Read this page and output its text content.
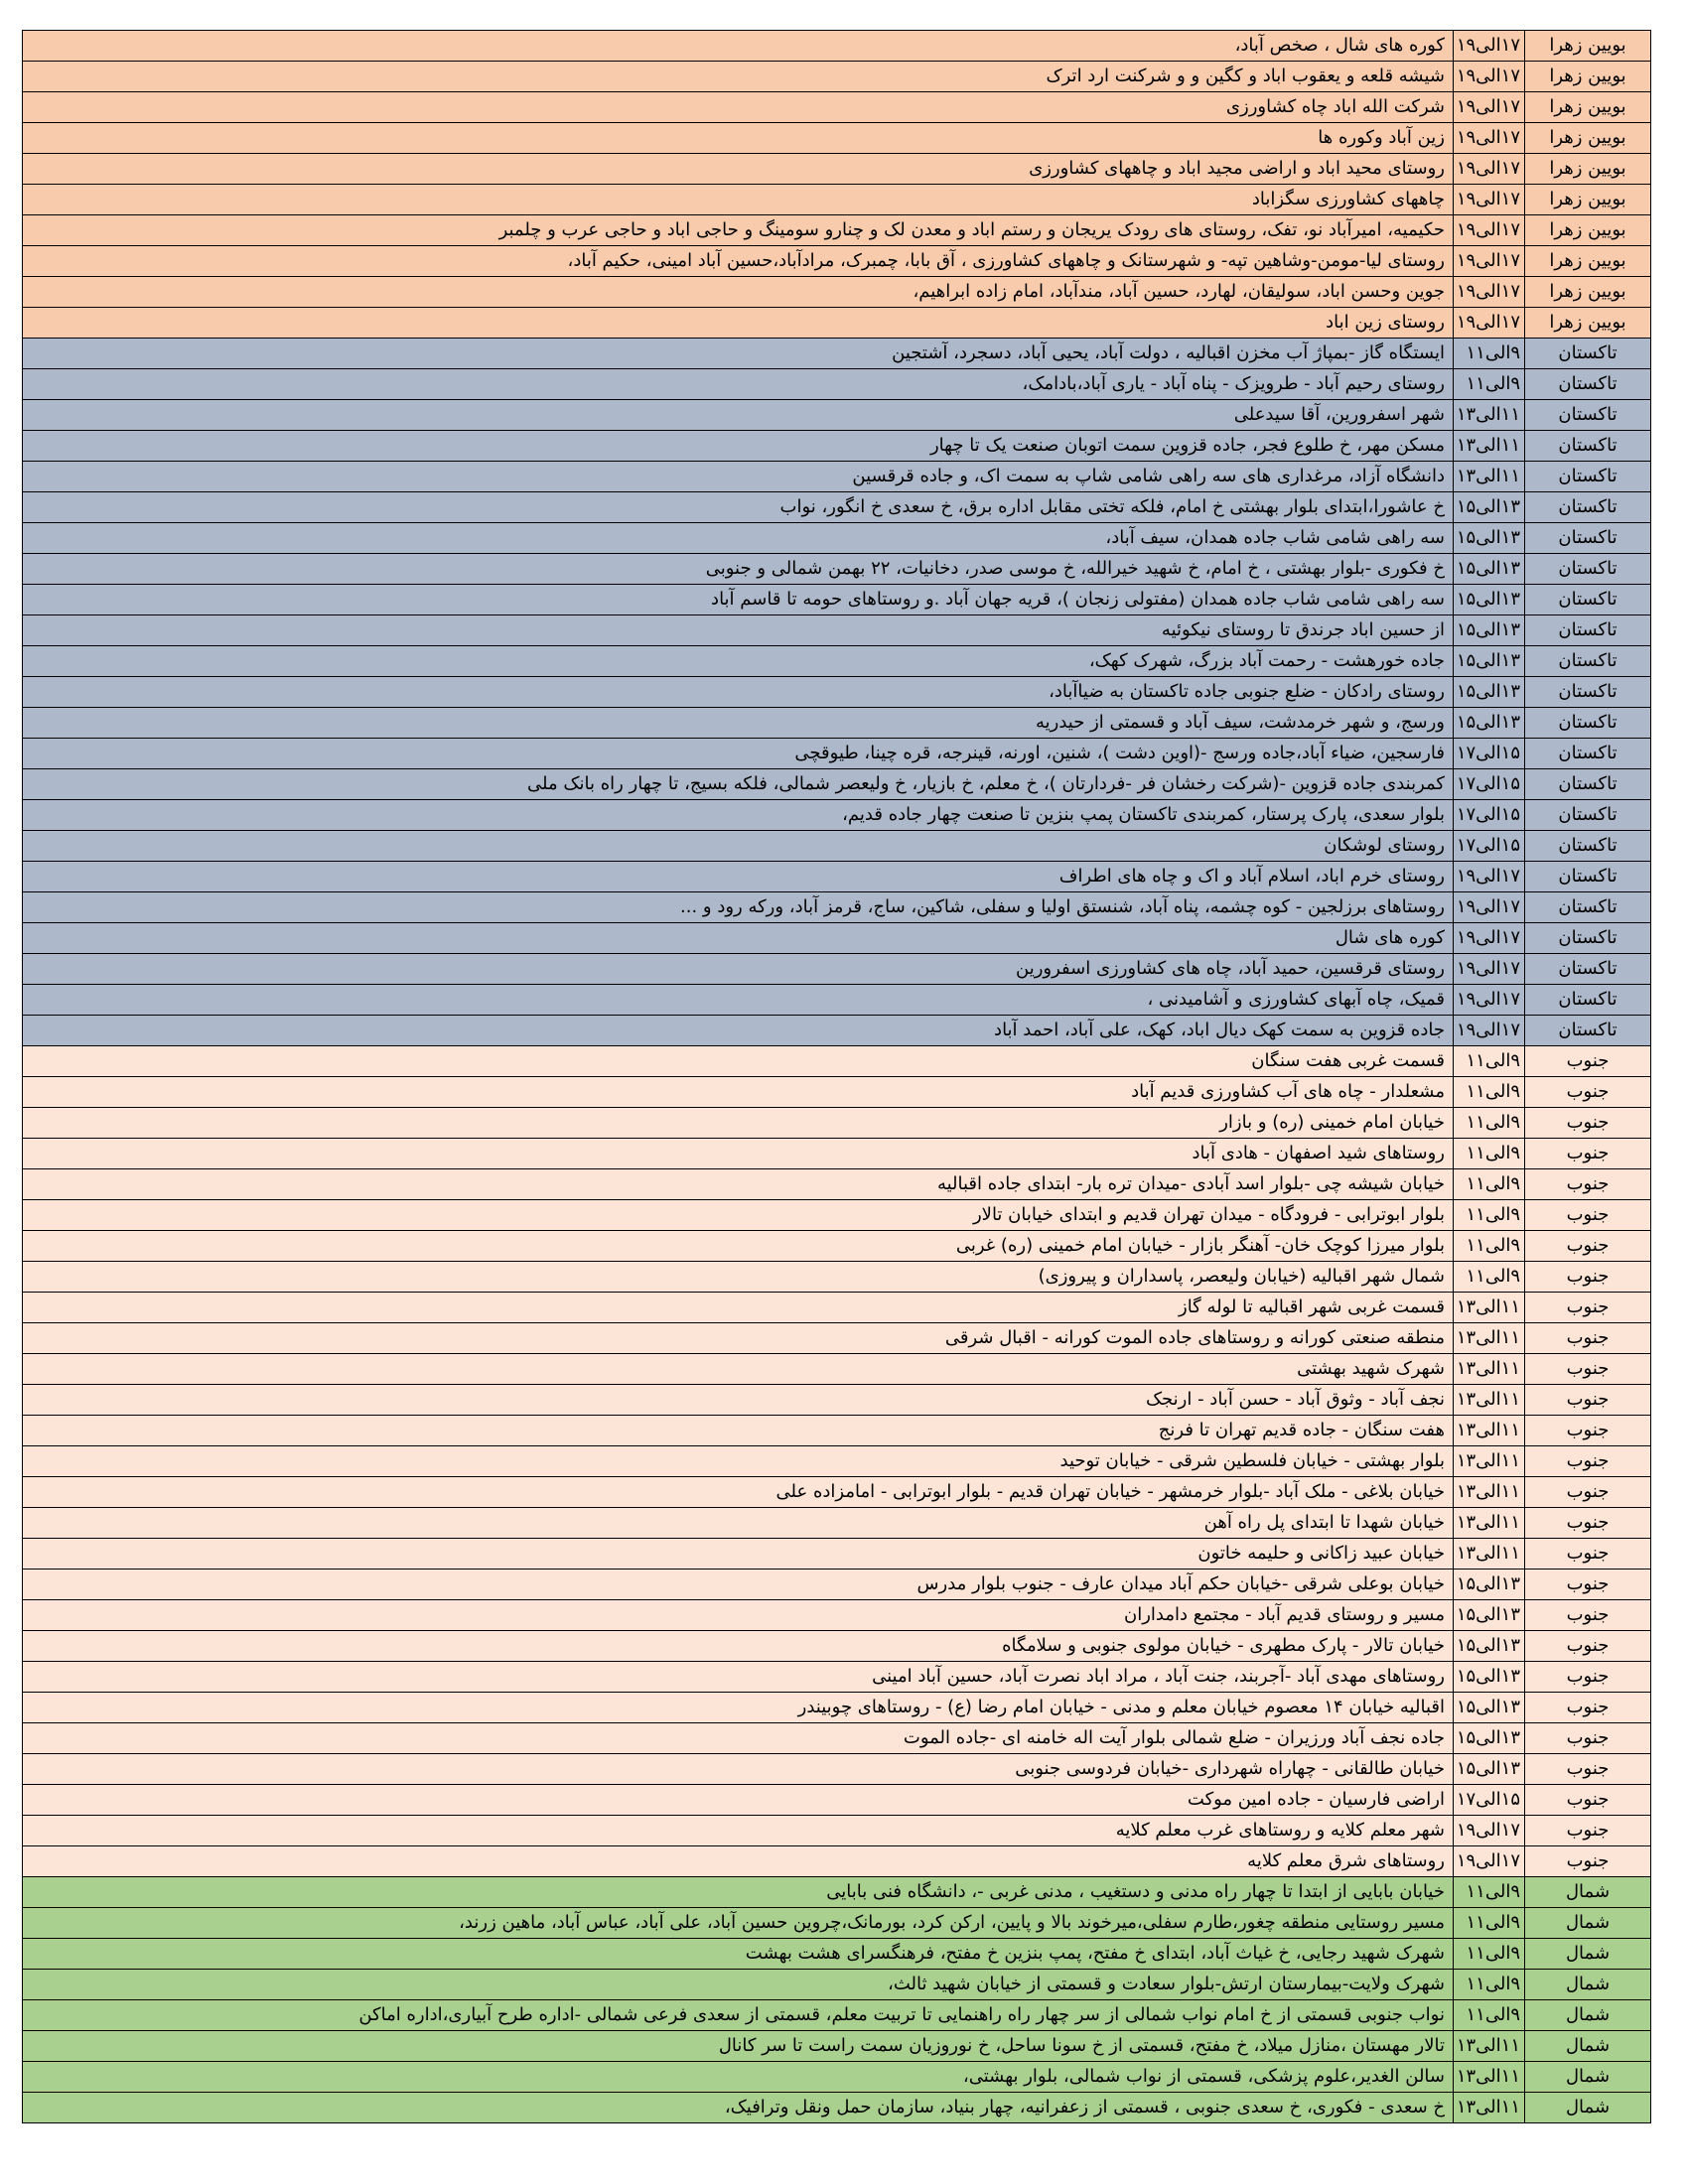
بویین زهرا	۱۷الی۱۹	کوره های شال ، صخص آباد،
بویین زهرا	۱۷الی۱۹	شیشه قلعه و یعقوب اباد و کگین و و شرکنت ارد اترک
بویین زهرا	۱۷الی۱۹	شرکت الله اباد چاه کشاورزی
بویین زهرا	۱۷الی۱۹	زین آباد وکوره ها
بویین زهرا	۱۷الی۱۹	روستای محید اباد و اراضی مجید اباد و چاههای کشاورزی
بویین زهرا	۱۷الی۱۹	چاههای کشاورزی سگزاباد
بویین زهرا	۱۷الی۱۹	حکیمیه، امیرآباد نو، تفک، روستای های رودک یریجان و رستم اباد و معدن لک و چنارو سومینگ و حاجی اباد و حاجی عرب و چلمبر
بویین زهرا	۱۷الی۱۹	روستای لیا-مومن-وشاهین تپه- و شهرستانک و چاههای کشاورزی ، آق بابا، چمبرک، مرادآباد،حسین آباد امینی، حکیم آباد،
بویین زهرا	۱۷الی۱۹	جوین وحسن اباد، سولیقان، لهارد، حسین آباد، مندآباد، امام زاده ابراهیم،
بویین زهرا	۱۷الی۱۹	روستای زین اباد
تاکستان	۹الی۱۱	ایستگاه گاز -بمپاژ آب مخزن اقبالیه ، دولت آباد، یحیی آباد، دسجرد، آشتجین
تاکستان	۹الی۱۱	روستای رحیم آباد - طرویزک - پناه آباد - یاری آباد،بادامک،
تاکستان	۱۱الی۱۳	شهر اسفرورین، آقا سیدعلی
تاکستان	۱۱الی۱۳	مسکن مهر، خ طلوع فجر، جاده قزوین سمت اتوبان صنعت یک تا چهار
تاکستان	۱۱الی۱۳	دانشگاه آزاد، مرغداری های سه راهی شامی شاپ به سمت اک، و جاده قرقسین
تاکستان	۱۳الی۱۵	خ عاشورا،ابتدای بلوار بهشتی خ امام، فلکه تختی مقابل اداره برق، خ سعدی خ انگور، نواب
تاکستان	۱۳الی۱۵	سه راهی شامی شاب جاده همدان، سیف آباد،
تاکستان	۱۳الی۱۵	خ فکوری -بلوار بهشتی ، خ امام، خ شهید خیرالله، خ موسی صدر، دخانیات، ۲۲ بهمن شمالی و جنوبی
تاکستان	۱۳الی۱۵	سه راهی شامی شاب جاده همدان (مفتولی زنجان )، قریه جهان آباد .و روستاهای حومه تا قاسم آباد
تاکستان	۱۳الی۱۵	از حسین اباد جرندق تا روستای نیکوئیه
تاکستان	۱۳الی۱۵	جاده خورهشت - رحمت آباد بزرگ، شهرک کهک،
تاکستان	۱۳الی۱۵	روستای رادکان - ضلع جنوبی جاده تاکستان به ضیاآباد،
تاکستان	۱۳الی۱۵	ورسج، و شهر خرمدشت، سیف آباد و قسمتی از حیدریه
تاکستان	۱۵الی۱۷	فارسجین، ضیاء آباد،جاده ورسج -(اوین دشت )، شنین، اورنه، قینرجه، قره چینا، طیوقچی
تاکستان	۱۵الی۱۷	کمربندی جاده قزوین -(شرکت رخشان فر -فردارتان )، خ معلم، خ بازیار، خ ولیعصر شمالی، فلکه بسیج، تا چهار راه بانک ملی
تاکستان	۱۵الی۱۷	بلوار سعدی، پارک پرستار، کمربندی تاکستان پمپ بنزین تا صنعت چهار جاده قدیم،
تاکستان	۱۵الی۱۷	روستای لوشکان
تاکستان	۱۷الی۱۹	روستای خرم اباد، اسلام آباد و اک و چاه های اطراف
تاکستان	۱۷الی۱۹	روستاهای برزلجین - کوه چشمه، پناه آباد، شنستق اولیا و سفلی، شاکین، ساج، قرمز آباد، ورکه رود و ...
تاکستان	۱۷الی۱۹	کوره های شال
تاکستان	۱۷الی۱۹	روستای قرقسین، حمید آباد، چاه های کشاورزی اسفرورین
تاکستان	۱۷الی۱۹	قمیک، چاه آبهای کشاورزی و آشامیدنی ،
تاکستان	۱۷الی۱۹	جاده قزوین به سمت کهک دیال اباد، کهک، علی آباد، احمد آباد
جنوب	۹الی۱۱	قسمت غربی هفت سنگان
جنوب	۹الی۱۱	مشعلدار - چاه های آب کشاورزی قدیم آباد
جنوب	۹الی۱۱	خیابان امام خمینی (ره) و بازار
جنوب	۹الی۱۱	روستاهای شید اصفهان - هادی آباد
جنوب	۹الی۱۱	خیابان شیشه چی -بلوار اسد آبادی -میدان تره بار- ابتدای جاده اقبالیه
جنوب	۹الی۱۱	بلوار ابوترابی - فرودگاه - میدان تهران قدیم و ابتدای خیابان تالار
جنوب	۹الی۱۱	بلوار میرزا کوچک خان- آهنگر بازار - خیابان امام خمینی (ره) غربی
جنوب	۹الی۱۱	شمال شهر اقبالیه (خیابان ولیعصر، پاسداران و پیروزی)
جنوب	۱۱الی۱۳	قسمت غربی شهر اقبالیه تا لوله گاز
جنوب	۱۱الی۱۳	منطقه صنعتی کورانه و روستاهای جاده الموت کورانه - اقبال شرقی
جنوب	۱۱الی۱۳	شهرک شهید بهشتی
جنوب	۱۱الی۱۳	نجف آباد - وثوق آباد - حسن آباد - ارنجک
جنوب	۱۱الی۱۳	هفت سنگان - جاده قدیم تهران تا فرنج
جنوب	۱۱الی۱۳	بلوار بهشتی - خیابان فلسطین شرقی - خیابان توحید
جنوب	۱۱الی۱۳	خیابان بلاغی - ملک آباد -بلوار خرمشهر - خیابان تهران قدیم - بلوار ابوترابی - امامزاده علی
جنوب	۱۱الی۱۳	خیابان شهدا تا ابتدای پل راه آهن
جنوب	۱۱الی۱۳	خیابان عبید زاکانی و حلیمه خاتون
جنوب	۱۳الی۱۵	خیابان بوعلی شرقی -خیابان حکم آباد میدان عارف - جنوب بلوار مدرس
جنوب	۱۳الی۱۵	مسیر و روستای قدیم آباد - مجتمع دامداران
جنوب	۱۳الی۱۵	خیابان تالار - پارک مطهری - خیابان مولوی جنوبی و سلامگاه
جنوب	۱۳الی۱۵	روستاهای مهدی آباد -آجربند، جنت آباد ، مراد اباد نصرت آباد، حسین آباد امینی
جنوب	۱۳الی۱۵	اقبالیه خیابان ۱۴ معصوم خیابان معلم و مدنی - خیابان امام رضا (ع) - روستاهای چوبیندر
جنوب	۱۳الی۱۵	جاده نجف آباد ورزیران - ضلع شمالی بلوار آیت اله خامنه ای -جاده الموت
جنوب	۱۳الی۱۵	خیابان طالقانی - چهاراه شهرداری -خیابان فردوسی جنوبی
جنوب	۱۵الی۱۷	اراضی فارسیان - جاده امین موکت
جنوب	۱۷الی۱۹	شهر معلم کلایه و روستاهای غرب معلم کلایه
جنوب	۱۷الی۱۹	روستاهای شرق معلم کلایه
شمال	۹الی۱۱	خیابان بابایی از ابتدا تا چهار راه مدنی و دستغیب ، مدنی غربی -، دانشگاه فنی بابایی
شمال	۹الی۱۱	مسیر روستایی منطقه چغور،طارم سفلی،میرخوند بالا و پایین، ارکن کرد، بورمانک،چروین حسین آباد، علی آباد، عباس آباد، ماهین زرند،
شمال	۹الی۱۱	شهرک شهید رجایی، خ غیاث آباد، ابتدای خ مفتح، پمپ بنزین خ مفتح، فرهنگسرای هشت بهشت
شمال	۹الی۱۱	شهرک ولایت-بیمارستان ارتش-بلوار سعادت و قسمتی از خیابان شهید ثالث،
شمال	۹الی۱۱	نواب جنوبی قسمتی از خ امام نواب شمالی از سر چهار راه راهنمایی تا تربیت معلم، قسمتی از سعدی فرعی شمالی -اداره طرح آبیاری،اداره اماکن
شمال	۱۱الی۱۳	تالار مهستان ،منازل میلاد، خ مفتح، قسمتی از خ سونا ساحل، خ نوروزیان سمت راست تا سر کانال
شمال	۱۱الی۱۳	سالن الغدیر،علوم پزشکی، قسمتی از نواب شمالی، بلوار بهشتی،
شمال	۱۱الی۱۳	خ سعدی - فکوری، خ سعدی جنوبی ، قسمتی از زعفرانیه، چهار بنیاد، سازمان حمل ونقل وترافیک،
